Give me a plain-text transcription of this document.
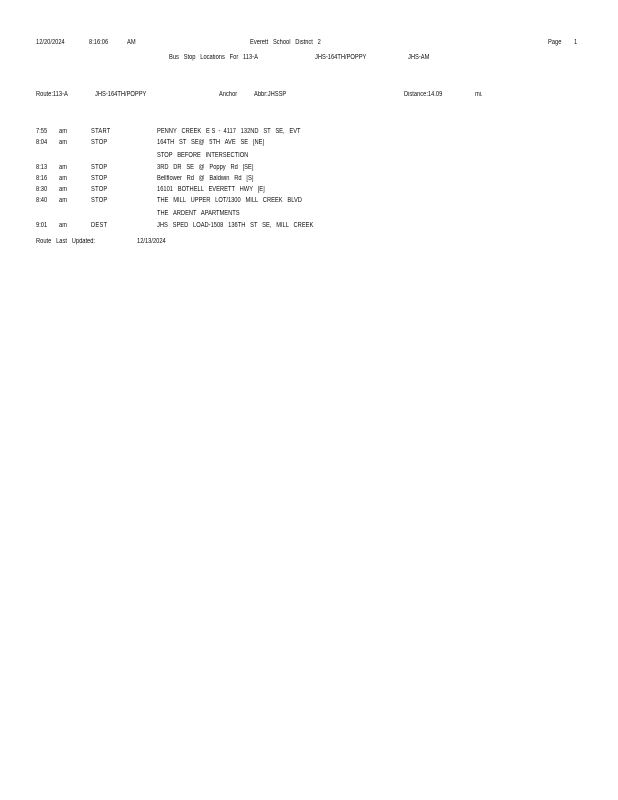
12/20/2024	8:16:06	AM	Everett   School   District   2	Page 1
Bus   Stop   Locations   For   113-A	JHS-164TH/POPPY	JHS-AM
Route:113-A	JHS-164TH/POPPY	Anchor Abbr:JHSSP	Distance:14.09	mi.
7:55 am	START	PENNY   CREEK   E S  -  4117   132ND   ST   SE,   EVT
8:04 am	STOP	164TH   ST   SE@   5TH   AVE   SE   [NE]
STOP   BEFORE   INTERSECTION
8:13 am	STOP	3RD   DR   SE   @   Poppy   Rd   [SE]
8:16 am	STOP	Bellflower   Rd   @   Baldwin   Rd   [S]
8:30 am	STOP	16101   BOTHELL   EVERETT   HWY   [E]
8:40 am	STOP	THE   MILL   UPPER   LOT/1300   MILL   CREEK   BLVD
THE   ARDENT   APARTMENTS
9:01 am	DEST	JHS   SPED   LOAD-1508   136TH   ST   SE,   MILL   CREEK
Route   Last   Updated:	12/13/2024
